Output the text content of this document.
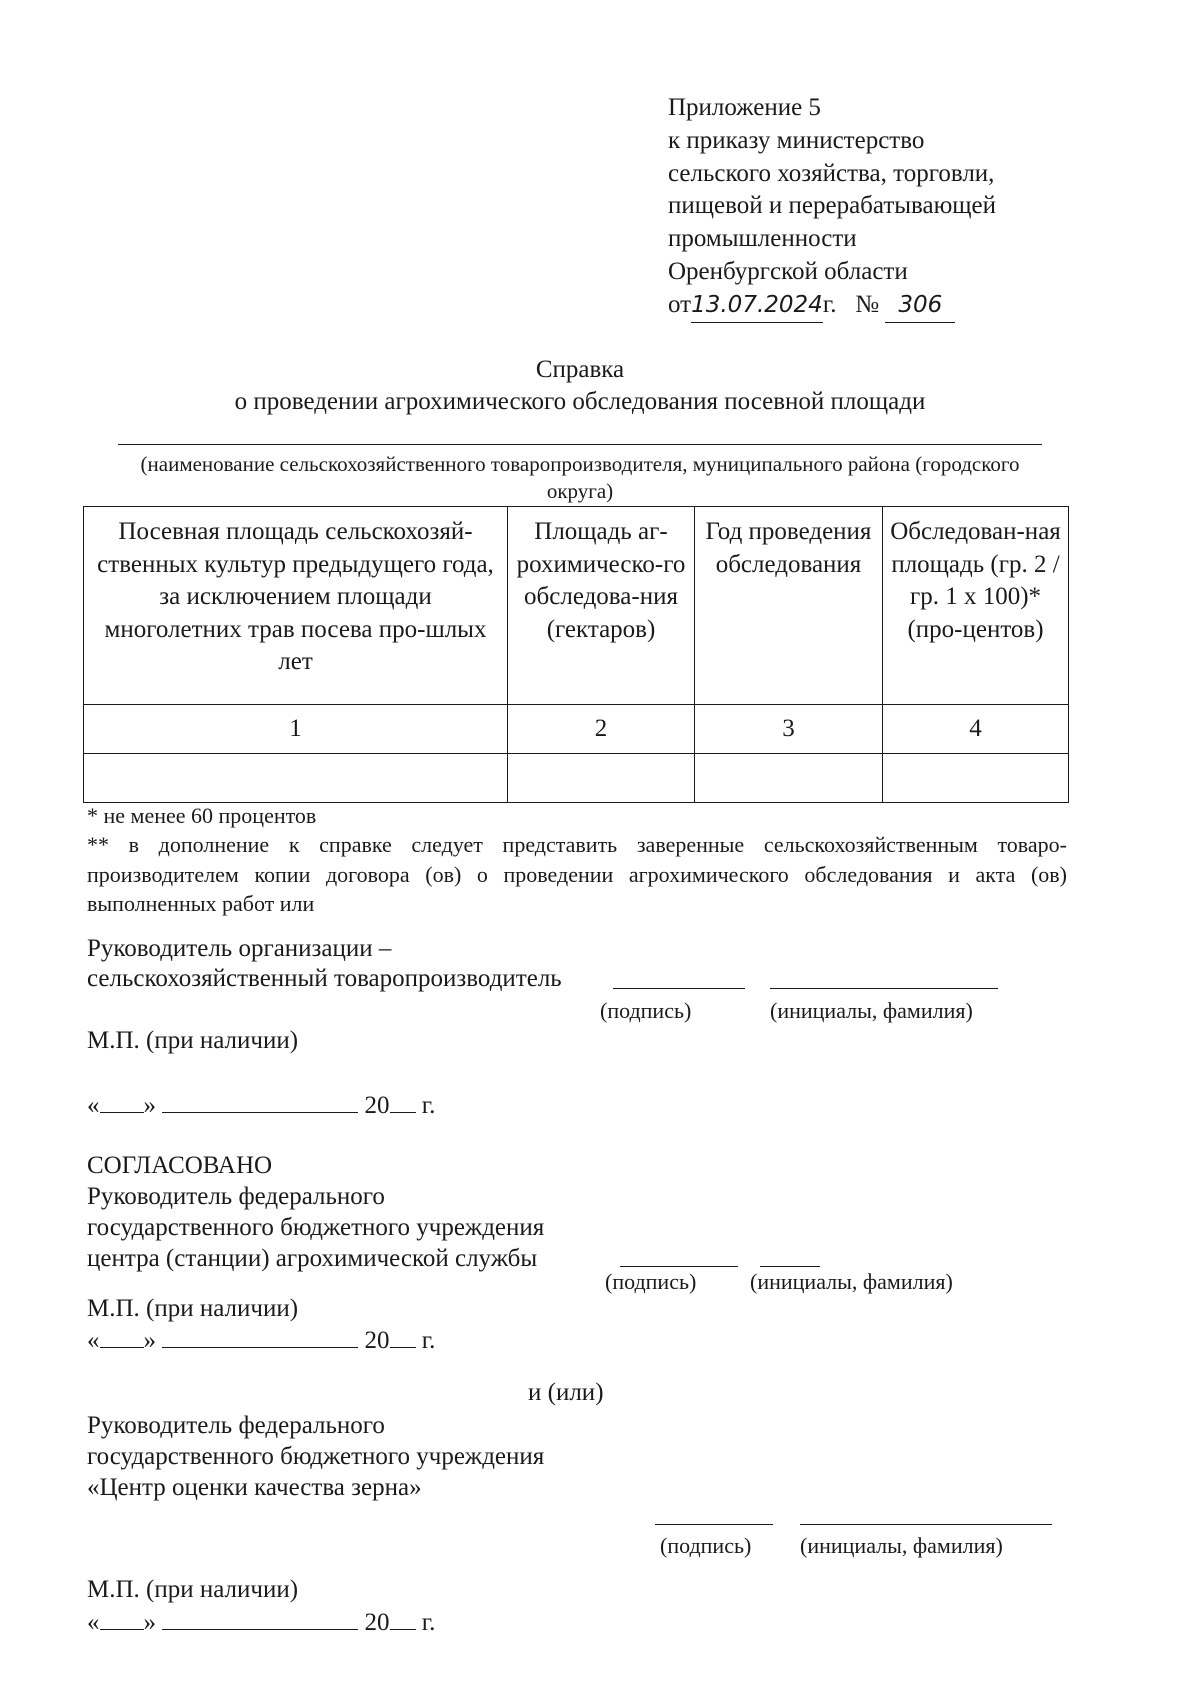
Приложение 5
к приказу министерство
сельского хозяйства, торговли,
пищевой и перерабатывающей
промышленности
Оренбургской области
от13.07.2024г. № 306
Справка
о проведении агрохимического обследования посевной площади
(наименование сельскохозяйственного товаропроизводителя, муниципального района (городского округа)
Посевная площадь сельскохозяй-ственных культур предыдущего года, за исключением площади многолетних трав посева про-шлых лет	Площадь аг-рохимическо-го обследова-ния (гектаров)	Год проведения обследования	Обследован-ная площадь (гр. 2 / гр. 1 х 100)* (про-центов)
1	2	3	4

* не менее 60 процентов
** в дополнение к справке следует представить заверенные сельскохозяйственным товаро-производителем копии договора (ов) о проведении агрохимического обследования и акта (ов) выполненных работ или
Руководитель организации –
сельскохозяйственный товаропроизводитель
(подпись)	(инициалы, фамилия)
М.П. (при наличии)
« »	20 г.
СОГЛАСОВАНО
Руководитель федерального
государственного бюджетного учреждения
центра (станции) агрохимической службы
(подпись) (инициалы, фамилия)
М.П. (при наличии)
« »	20 г.
и (или)
Руководитель федерального
государственного бюджетного учреждения
«Центр оценки качества зерна»
(подпись) (инициалы, фамилия)
М.П. (при наличии)
« »	20 г.
